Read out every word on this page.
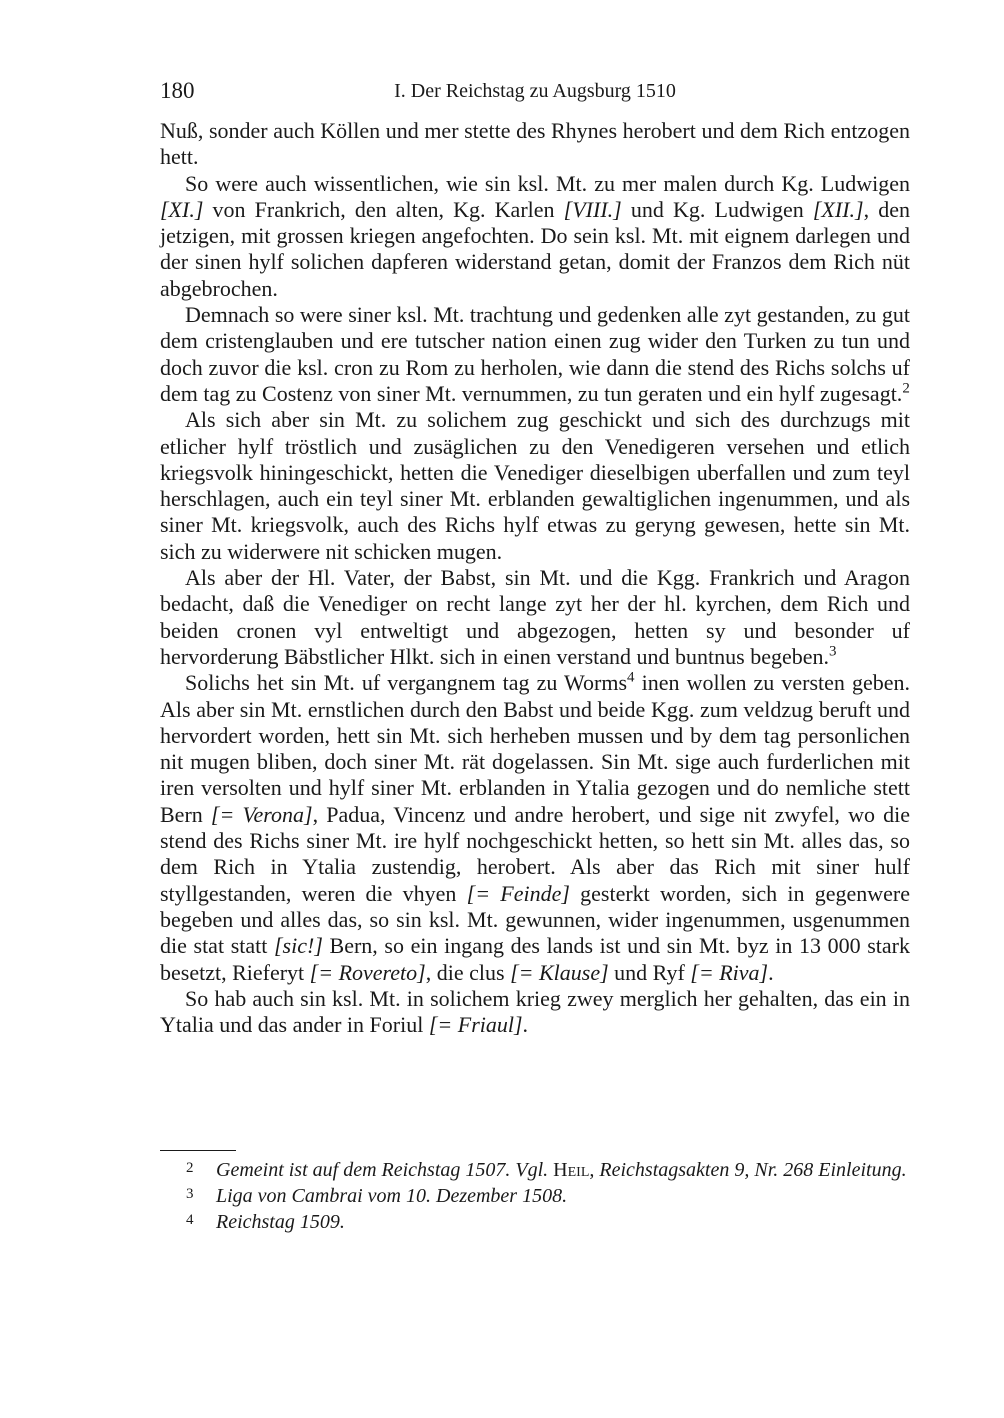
180	I. Der Reichstag zu Augsburg 1510

Nuß, sonder auch Köllen und mer stette des Rhynes herobert und dem Rich entzogen hett.

So were auch wissentlichen, wie sin ksl. Mt. zu mer malen durch Kg. Ludwigen [XI.] von Frankrich, den alten, Kg. Karlen [VIII.] und Kg. Ludwigen [XII.], den jetzigen, mit grossen kriegen angefochten. Do sein ksl. Mt. mit eignem darlegen und der sinen hylf solichen dapferen widerstand getan, domit der Franzos dem Rich nüt abgebrochen.

Demnach so were siner ksl. Mt. trachtung und gedenken alle zyt gestanden, zu gut dem cristenglauben und ere tutscher nation einen zug wider den Turken zu tun und doch zuvor die ksl. cron zu Rom zu herholen, wie dann die stend des Richs solchs uf dem tag zu Costenz von siner Mt. vernummen, zu tun geraten und ein hylf zugesagt.$^2$

Als sich aber sin Mt. zu solichem zug geschickt und sich des durchzugs mit etlicher hylf tröstlich und zusäglichen zu den Venedigeren versehen und etlich kriegsvolk hiningeschickt, hetten die Venediger dieselbigen uberfallen und zum teyl herschlagen, auch ein teyl siner Mt. erblanden gewaltiglichen ingenummen, und als siner Mt. kriegsvolk, auch des Richs hylf etwas zu geryng gewesen, hette sin Mt. sich zu widerwere nit schicken mugen.

Als aber der Hl. Vater, der Babst, sin Mt. und die Kgg. Frankrich und Aragon bedacht, daß die Venediger on recht lange zyt her der hl. kyrchen, dem Rich und beiden cronen vyl entweltigt und abgezogen, hetten sy und besonder uf hervorderung Bäbstlicher Hlkt. sich in einen verstand und buntnus begeben.$^3$

Solichs het sin Mt. uf vergangnem tag zu Worms$^4$ inen wollen zu versten geben. Als aber sin Mt. ernstlichen durch den Babst und beide Kgg. zum veldzug beruft und hervordert worden, hett sin Mt. sich herheben mussen und by dem tag personlichen nit mugen bliben, doch siner Mt. rät dogelassen. Sin Mt. sige auch furderlichen mit iren versolten und hylf siner Mt. erblanden in Ytalia gezogen und do nemliche stett Bern [= Verona], Padua, Vincenz und andre herobert, und sige nit zwyfel, wo die stend des Richs siner Mt. ire hylf nochgeschickt hetten, so hett sin Mt. alles das, so dem Rich in Ytalia zustendig, herobert. Als aber das Rich mit siner hulf styllgestanden, weren die vhyen [= Feinde] gesterkt worden, sich in gegenwere begeben und alles das, so sin ksl. Mt. gewunnen, wider ingenummen, usgenummen die stat statt [sic!] Bern, so ein ingang des lands ist und sin Mt. byz in 13 000 stark besetzt, Rieferyt [= Rovereto], die clus [= Klause] und Ryf [= Riva].

So hab auch sin ksl. Mt. in solichem krieg zwey merglich her gehalten, das ein in Ytalia und das ander in Foriul [= Friaul].

2 Gemeint ist auf dem Reichstag 1507. Vgl. Heil, Reichstagsakten 9, Nr. 268 Einleitung.

3 Liga von Cambrai vom 10. Dezember 1508.

4 Reichstag 1509.
